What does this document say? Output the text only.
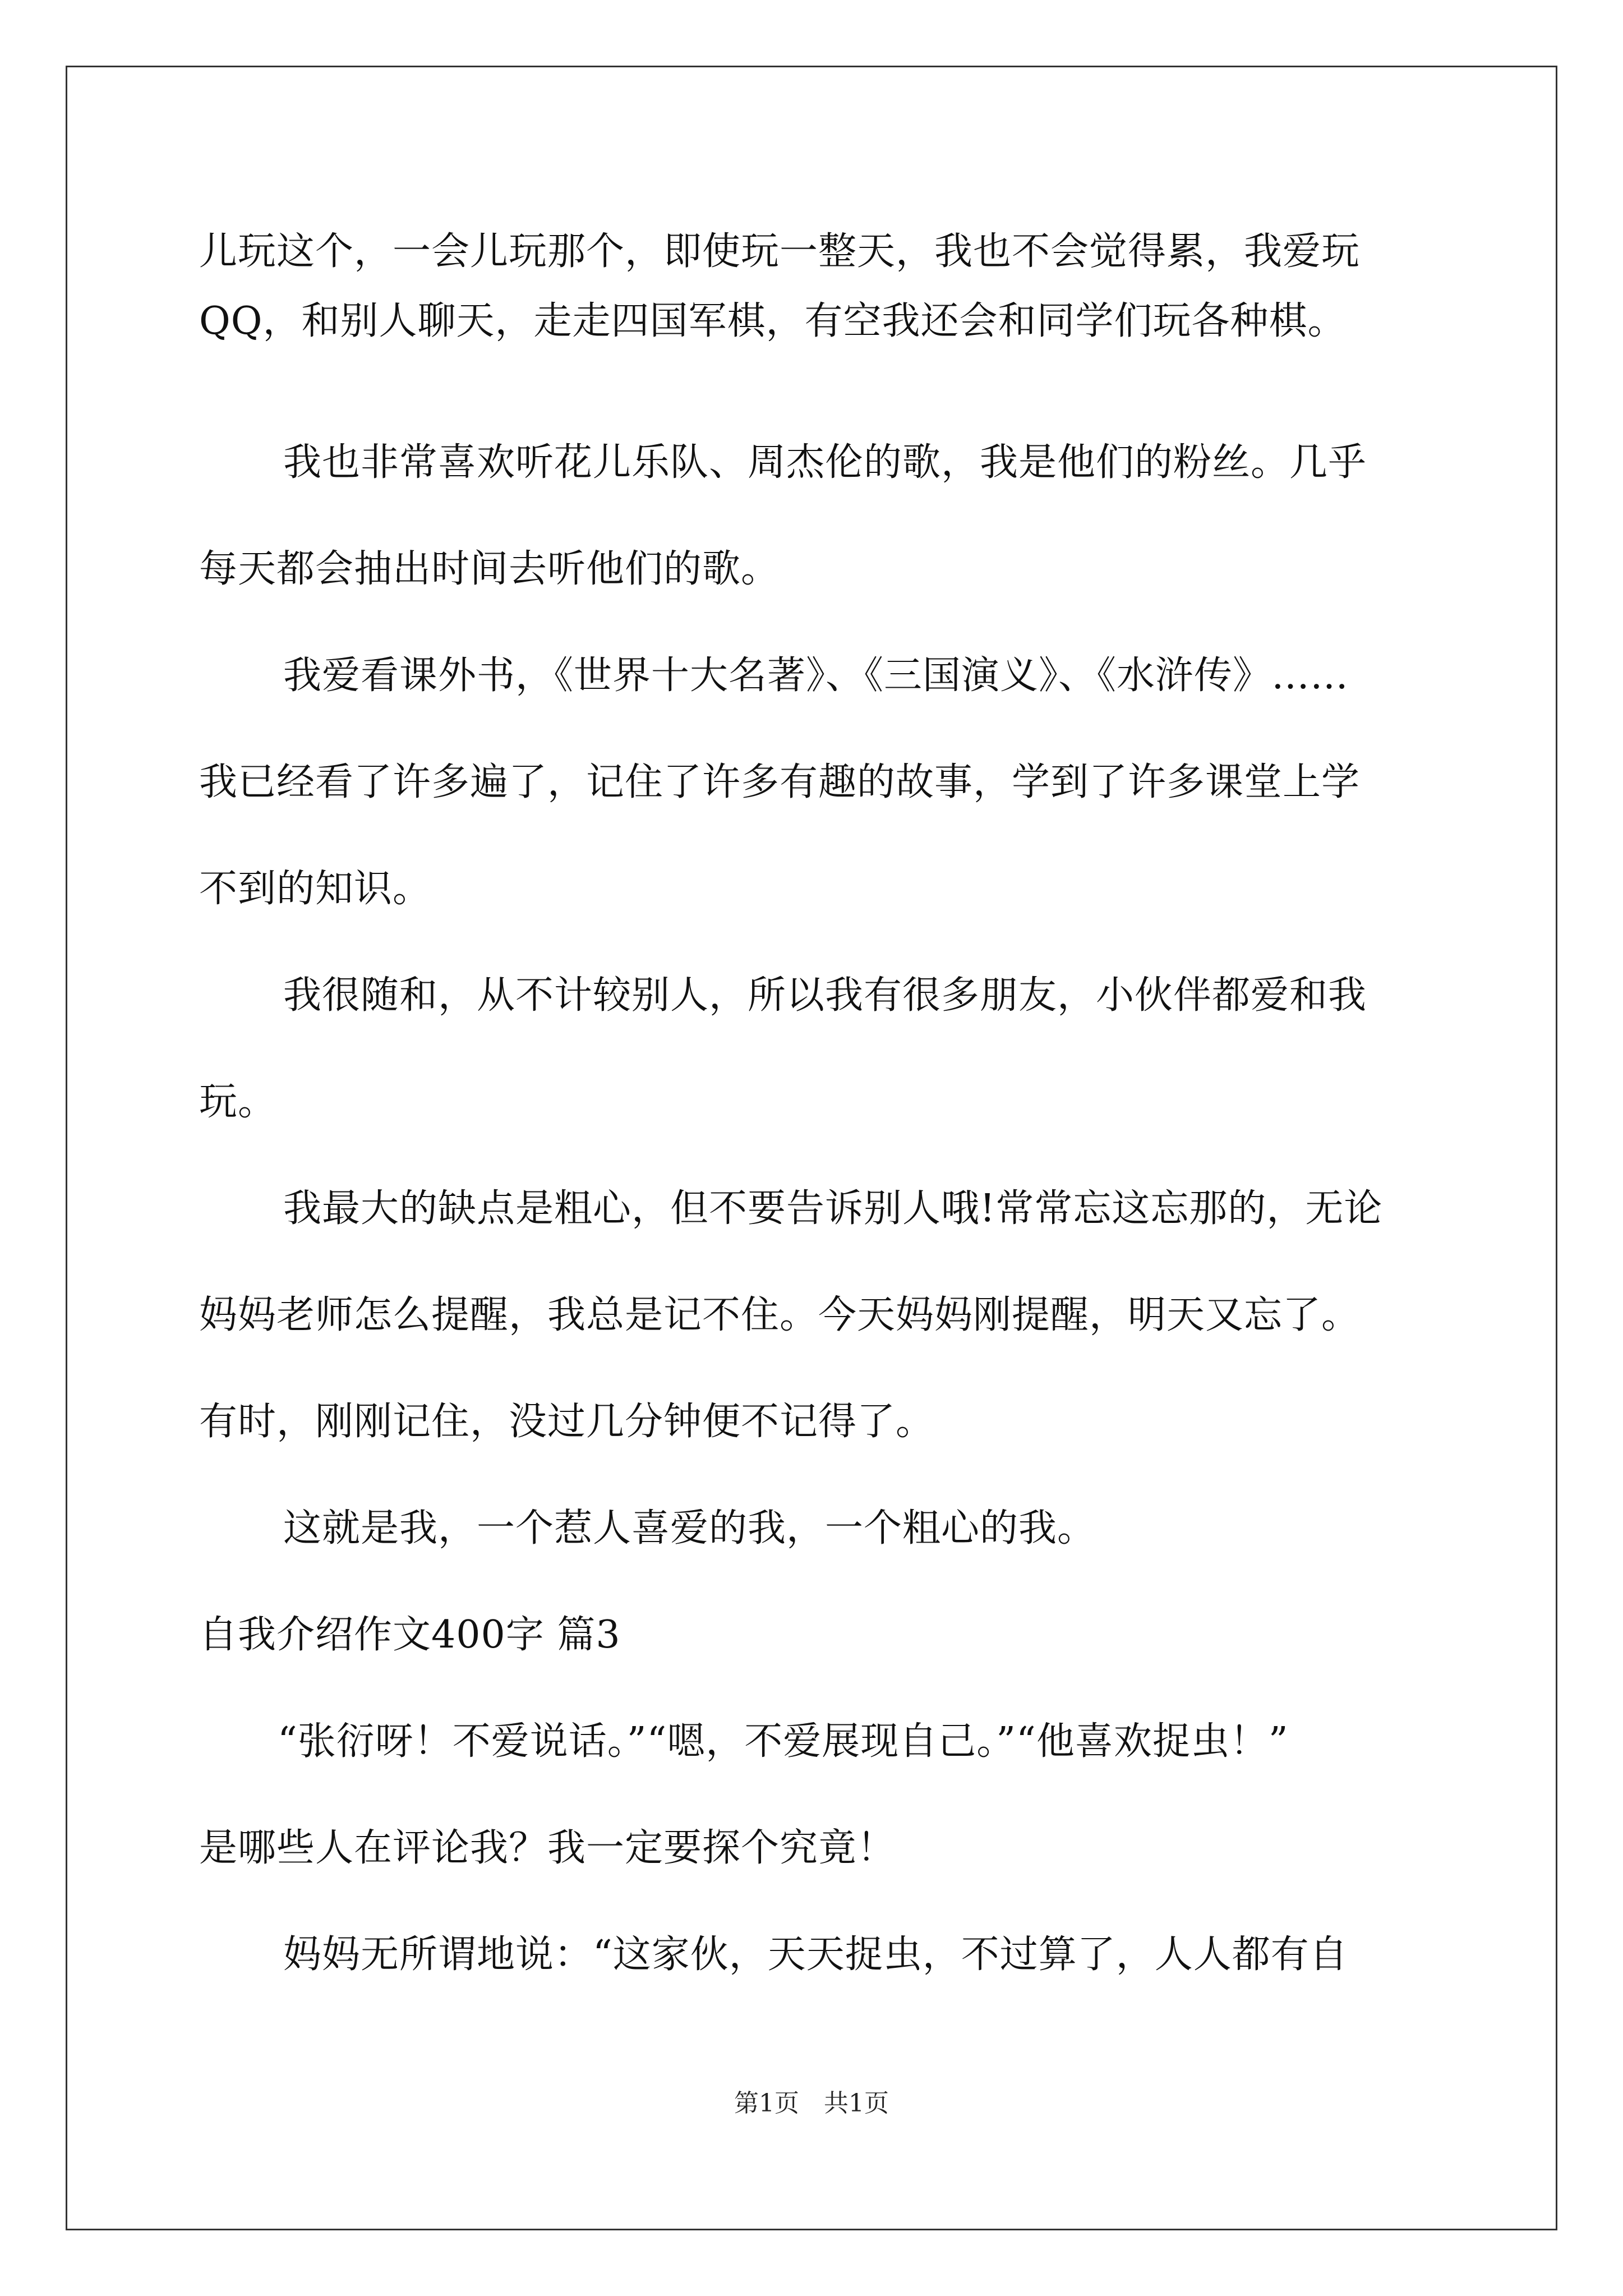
儿玩这个，一会儿玩那个，即使玩一整天，我也不会觉得累，我爱玩
QQ，和别人聊天，走走四国军棋，有空我还会和同学们玩各种棋。
我也非常喜欢听花儿乐队、周杰伦的歌，我是他们的粉丝。几乎
每天都会抽出时间去听他们的歌。
我爱看课外书，《世界十大名著》、《三国演义》、《水浒传》……
我已经看了许多遍了，记住了许多有趣的故事，学到了许多课堂上学
不到的知识。
我很随和，从不计较别人，所以我有很多朋友，小伙伴都爱和我
玩。
我最大的缺点是粗心，但不要告诉别人哦!常常忘这忘那的，无论
妈妈老师怎么提醒，我总是记不住。今天妈妈刚提醒，明天又忘了。
有时，刚刚记住，没过几分钟便不记得了。
这就是我，一个惹人喜爱的我，一个粗心的我。
自我介绍作文400字 篇3
“张衍呀！不爱说话。”“嗯，不爱展现自己。”“他喜欢捉虫！”
是哪些人在评论我？我一定要探个究竟！
妈妈无所谓地说：“这家伙，天天捉虫，不过算了，人人都有自
第1页　共1页
